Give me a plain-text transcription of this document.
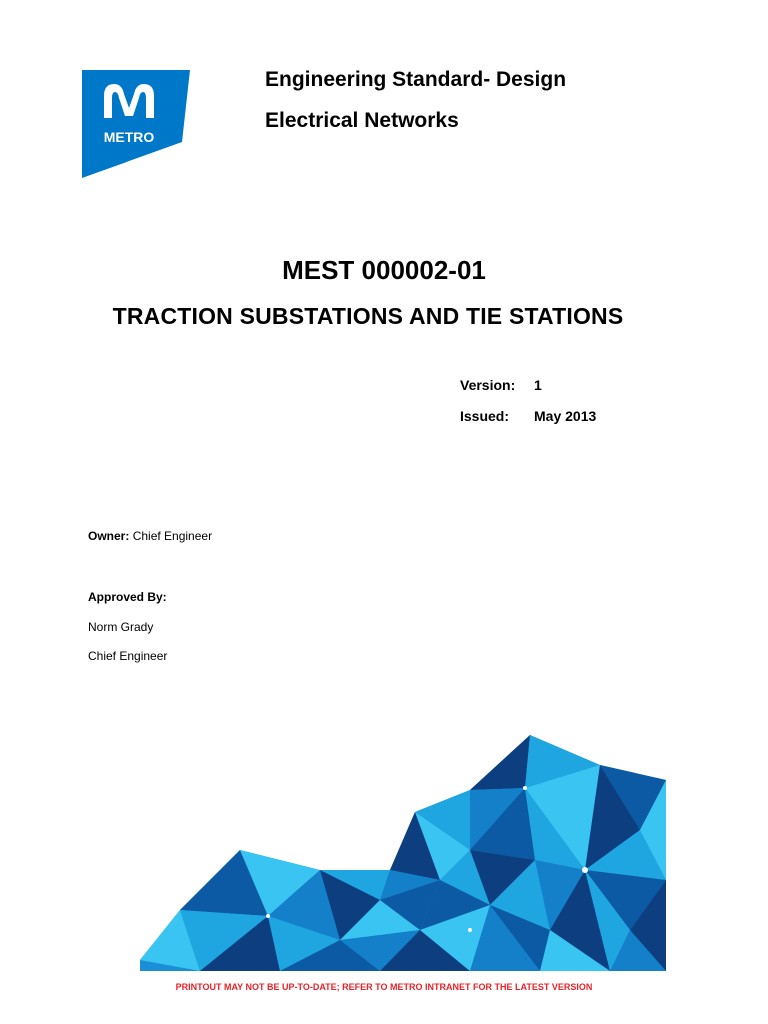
METRO
Engineering Standard- Design
Electrical Networks
MEST 000002-01
TRACTION SUBSTATIONS AND TIE STATIONS
Version: 1
Issued: May 2013
Owner: Chief Engineer
Approved By:
Norm Grady
Chief Engineer
PRINTOUT MAY NOT BE UP-TO-DATE; REFER TO METRO INTRANET FOR THE LATEST VERSION
